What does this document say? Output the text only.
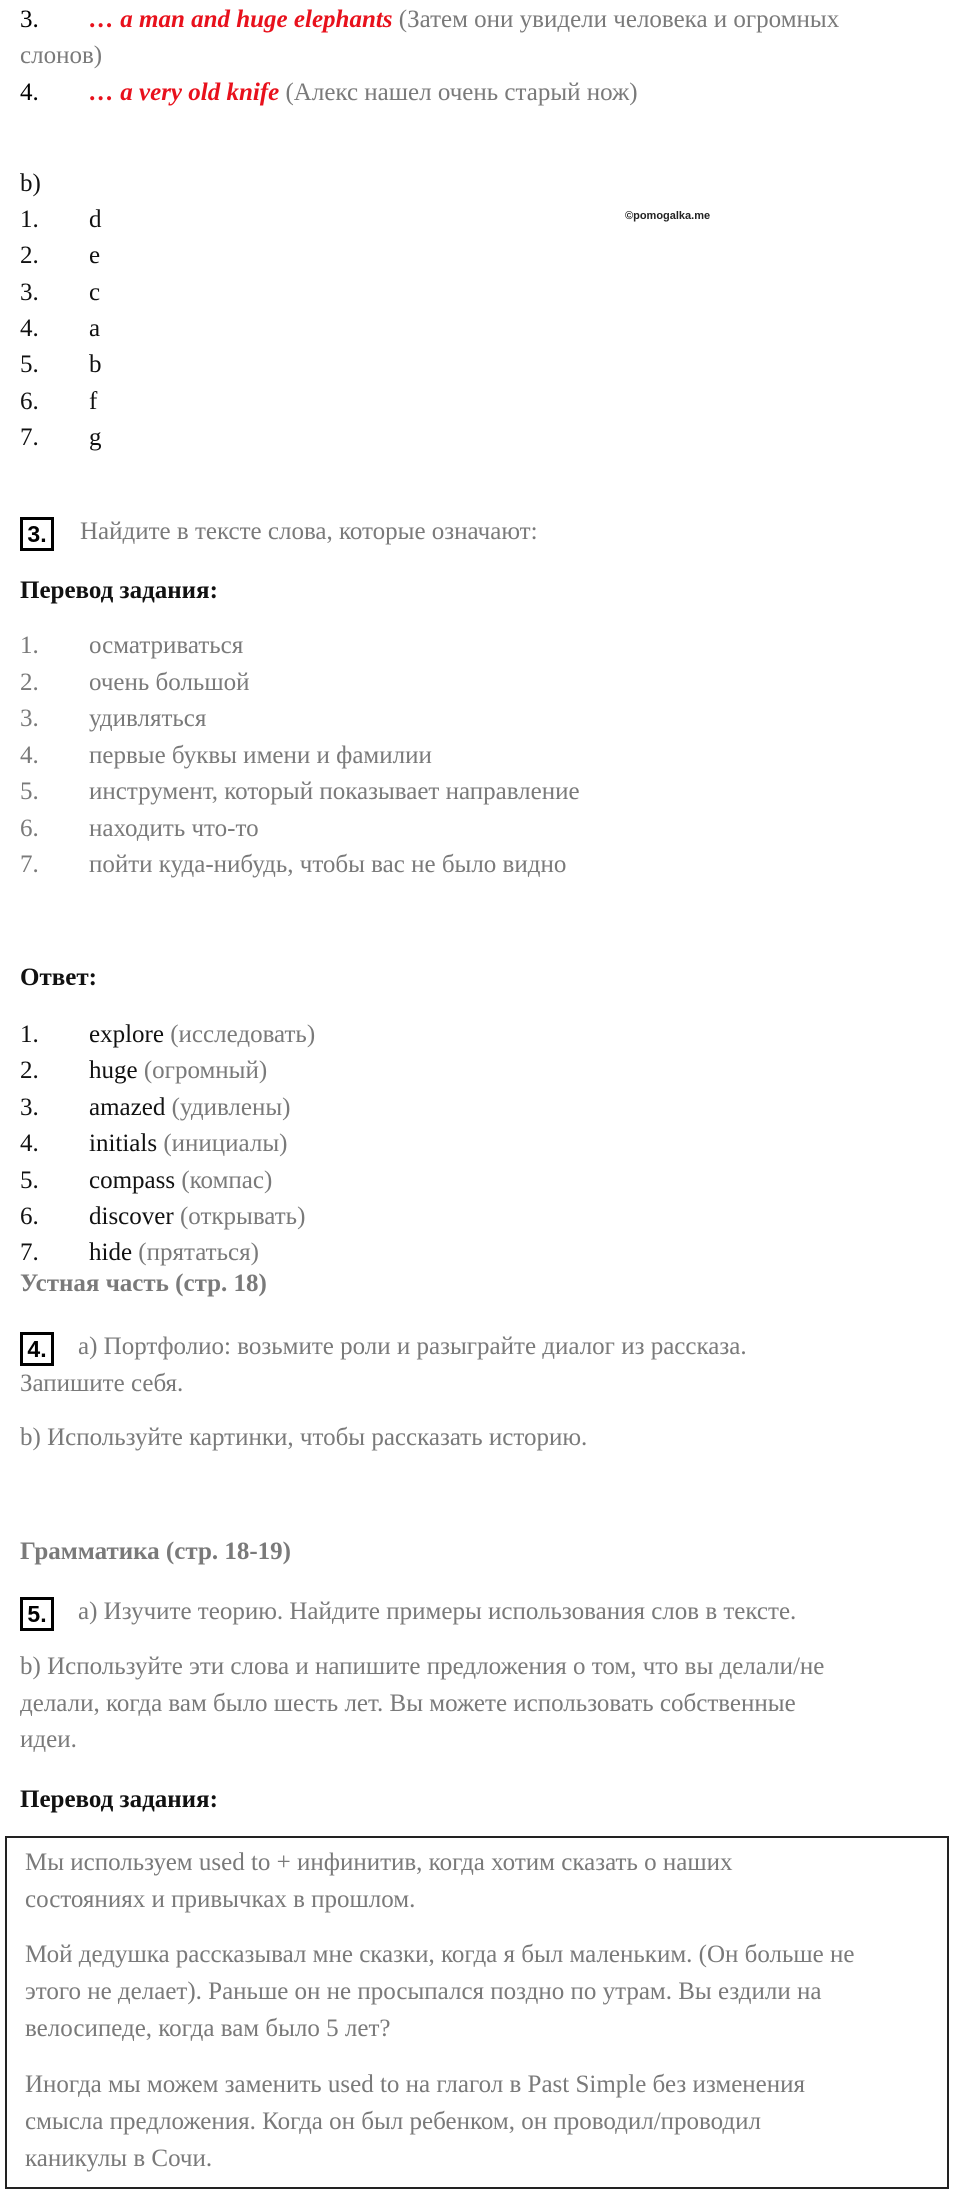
3. … a man and huge elephants (Затем они увидели человека и огромных
слонов)
4. … a very old knife (Алекс нашел очень старый нож)
b)
1. d
2. e
3. c
4. a
5. b
6. f
7. g
©pomogalka.me
3. Найдите в тексте слова, которые означают:
Перевод задания:
1. осматриваться
2. очень большой
3. удивляться
4. первые буквы имени и фамилии
5. инструмент, который показывает направление
6. находить что-то
7. пойти куда-нибудь, чтобы вас не было видно
Ответ:
1. explore (исследовать)
2. huge (огромный)
3. amazed (удивлены)
4. initials (инициалы)
5. compass (компас)
6. discover (открывать)
7. hide (прятаться)
Устная часть (стр. 18)
4. a) Портфолио: возьмите роли и разыграйте диалог из рассказа.
Запишите себя.
b) Используйте картинки, чтобы рассказать историю.
Грамматика (стр. 18-19)
5. a) Изучите теорию. Найдите примеры использования слов в тексте.
b) Используйте эти слова и напишите предложения о том, что вы делали/не
делали, когда вам было шесть лет. Вы можете использовать собственные
идеи.
Перевод задания:
Мы используем used to + инфинитив, когда хотим сказать о наших
состояниях и привычках в прошлом.
Мой дедушка рассказывал мне сказки, когда я был маленьким. (Он больше не
этого не делает). Раньше он не просыпался поздно по утрам. Вы ездили на
велосипеде, когда вам было 5 лет?
Иногда мы можем заменить used to на глагол в Past Simple без изменения
смысла предложения. Когда он был ребенком, он проводил/проводил
каникулы в Сочи.
